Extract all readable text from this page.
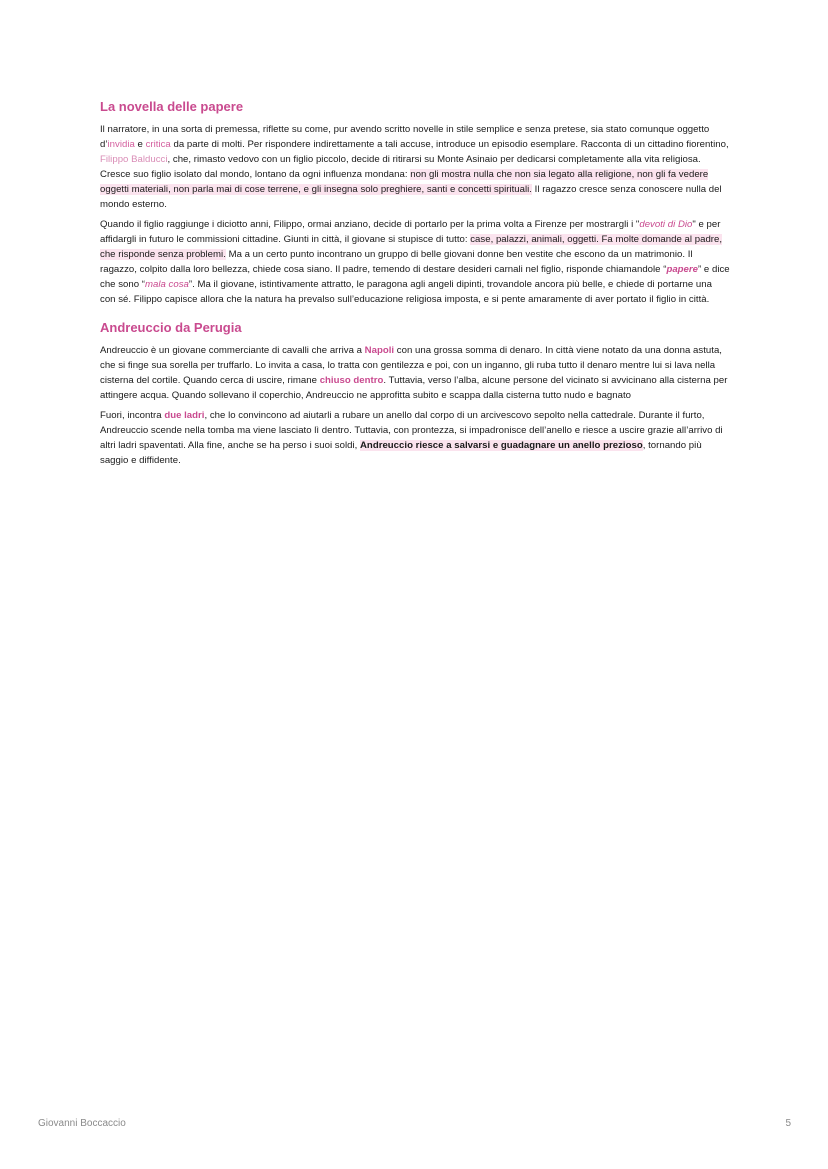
La novella delle papere

Il narratore, in una sorta di premessa, riflette su come, pur avendo scritto novelle in stile semplice e senza pretese, sia stato comunque oggetto d’invidia e critica da parte di molti. Per rispondere indirettamente a tali accuse, introduce un episodio esemplare. Racconta di un cittadino fiorentino, Filippo Balducci, che, rimasto vedovo con un figlio piccolo, decide di ritirarsi su Monte Asinaio per dedicarsi completamente alla vita religiosa. Cresce suo figlio isolato dal mondo, lontano da ogni influenza mondana: non gli mostra nulla che non sia legato alla religione, non gli fa vedere oggetti materiali, non parla mai di cose terrene, e gli insegna solo preghiere, santi e concetti spirituali. Il ragazzo cresce senza conoscere nulla del mondo esterno.

Quando il figlio raggiunge i diciotto anni, Filippo, ormai anziano, decide di portarlo per la prima volta a Firenze per mostrargli i "devoti di Dio" e per affidargli in futuro le commissioni cittadine. Giunti in città, il giovane si stupisce di tutto: case, palazzi, animali, oggetti. Fa molte domande al padre, che risponde senza problemi. Ma a un certo punto incontrano un gruppo di belle giovani donne ben vestite che escono da un matrimonio. Il ragazzo, colpito dalla loro bellezza, chiede cosa siano. Il padre, temendo di destare desideri carnali nel figlio, risponde chiamandole “papere” e dice che sono “mala cosa”. Ma il giovane, istintivamente attratto, le paragona agli angeli dipinti, trovandole ancora più belle, e chiede di portarne una con sé. Filippo capisce allora che la natura ha prevalso sull’educazione religiosa imposta, e si pente amaramente di aver portato il figlio in città.

Andreuccio da Perugia

Andreuccio è un giovane commerciante di cavalli che arriva a Napoli con una grossa somma di denaro. In città viene notato da una donna astuta, che si finge sua sorella per truffarlo. Lo invita a casa, lo tratta con gentilezza e poi, con un inganno, gli ruba tutto il denaro mentre lui si lava nella cisterna del cortile. Quando cerca di uscire, rimane chiuso dentro. Tuttavia, verso l’alba, alcune persone del vicinato si avvicinano alla cisterna per attingere acqua. Quando sollevano il coperchio, Andreuccio ne approfitta subito e scappa dalla cisterna tutto nudo e bagnato

Fuori, incontra due ladri, che lo convincono ad aiutarli a rubare un anello dal corpo di un arcivescovo sepolto nella cattedrale. Durante il furto, Andreuccio scende nella tomba ma viene lasciato lì dentro. Tuttavia, con prontezza, si impadronisce dell’anello e riesce a uscire grazie all’arrivo di altri ladri spaventati. Alla fine, anche se ha perso i suoi soldi, Andreuccio riesce a salvarsi e guadagnare un anello prezioso, tornando più saggio e diffidente.

Giovanni Boccaccio	5
